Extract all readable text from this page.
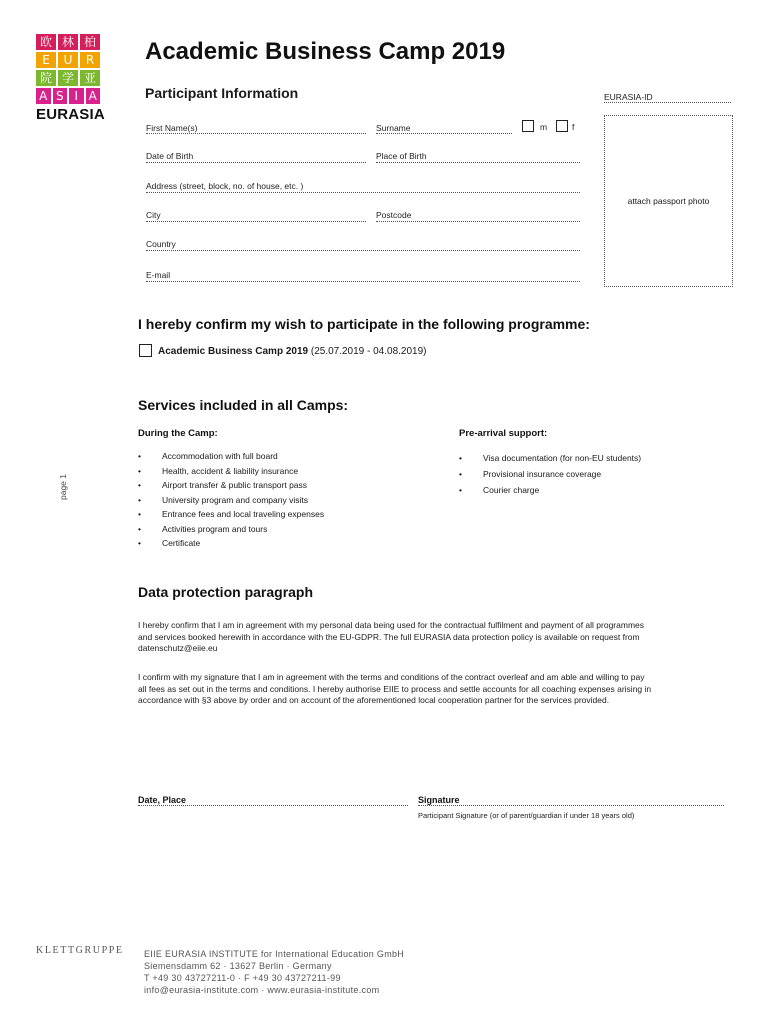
欧 林 柏
E	U	R
院 学 亚
A S I A
EURASIA
Academic Business Camp 2019
Participant Information	EURASIA-ID
attach passport photo
First Name(s)	Surname	m	f
Date of Birth	Place of Birth
Address (street, block, no. of house, etc. )
City	Postcode
Country
E-mail
I hereby confirm my wish to participate in the following programme:
Academic Business Camp 2019 (25.07.2019 - 04.08.2019)
Services included in all Camps:
During the Camp:
• Accommodation with full board
• Health, accident & liability insurance
• Airport transfer & public transport pass
• University program and company visits
• Entrance fees and local traveling expenses
• Activities program and tours
• Certificate
Pre-arrival support:
• Visa documentation (for non-EU students)
• Provisional insurance coverage
• Courier charge
page 1
Data protection paragraph
I hereby confirm that I am in agreement with my personal data being used for the contractual fulfilment and payment of all programmes and services booked herewith in accordance with the EU-GDPR. The full EURASIA data protection policy is available on request from datenschutz@eiie.eu
I confirm with my signature that I am in agreement with the terms and conditions of the contract overleaf and am able and willing to pay all fees as set out in the terms and conditions. I hereby authorise EIIE to process and settle accounts for all coaching expenses arising in accordance with §3 above by order and on account of the aforementioned local cooperation partner for the services provided.
Date, Place	Signature
Participant Signature (or of parent/guardian if under 18 years old)
KLETTGRUPPE EIIE EURASIA INSTITUTE for International Education GmbH
Siemensdamm 62 · 13627 Berlin · Germany
T +49 30 43727211-0 · F +49 30 43727211-99
info@eurasia-institute.com · www.eurasia-institute.com
